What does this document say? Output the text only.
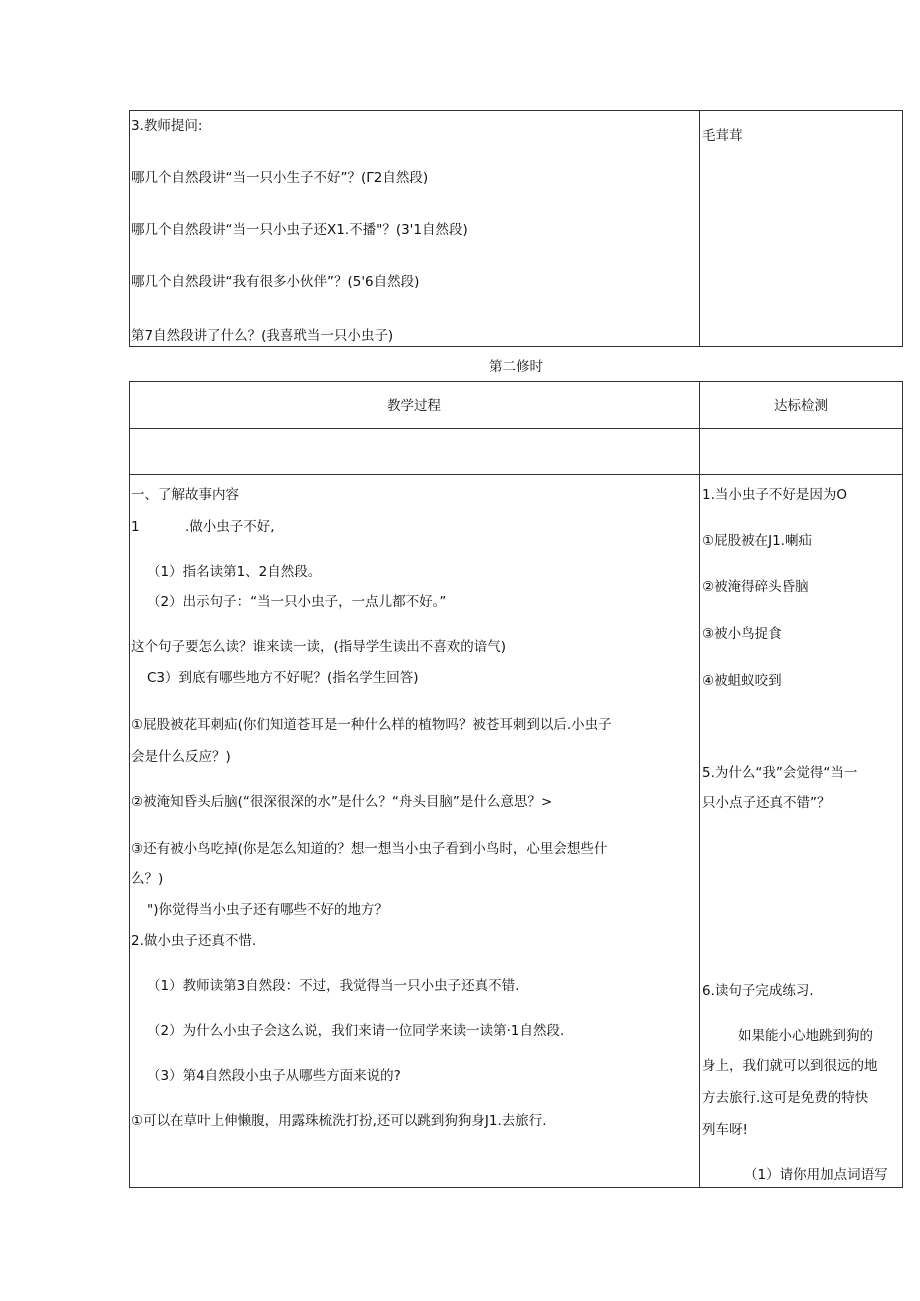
3.教师提问:
哪几个自然段讲“当一只小生子不好”？(Γ2自然段)
哪几个自然段讲“当一只小虫子还X1.不播"？(3'1自然段)
哪几个自然段讲“我有很多小伙伴”？(5'6自然段)
第7自然段讲了什么？(我喜玳当一只小虫子)
毛茸茸
第二修时
教学过程	达标检测
一、了解故事内容
1	.做小虫子不好,
（1）指名读第1、2自然段。
（2）出示句子：“当一只小虫子，一点儿都不好。”
这个句子要怎么读？谁来读一读，(指导学生读出不喜欢的谙气)
C3）到底有哪些地方不好呢？(指名学生回答)
①屁股被花耳刺疝(你们知道苍耳是一种什么样的植物吗？被苍耳刺到以后.小虫子
会是什么反应？)
②被淹知昏头后脑(“很深很深的水”是什么？“舟头目脑”是什么意思？>
③还有被小鸟吃掉(你是怎么知道的？想一想当小虫子看到小鸟时，心里会想些什
么？)
")你觉得当小虫子还有哪些不好的地方？
2.做小虫子还真不惜.
（1）教师读第3自然段：不过，我觉得当一只小虫子还真不错.
（2）为什么小虫子会这么说，我们来请一位同学来读一读第·1自然段.
（3）第4自然段小虫子从哪些方面来说的?
①可以在草叶上伸懒腹，用露珠梳洗打扮,还可以跳到狗狗身J1.去旅行.
1.当小虫子不好是因为O
①屁股被在J1.喇疝
②被淹得碎头昏脑
③被小鸟捉食
④被蛆蚁咬到
5.为什么“我”会觉得“当一
只小点子还真不错”？
6.读句子完成练习.
如果能小心地跳到狗的
身上，我们就可以到很远的地
方去旅行.这可是免费的特快
列车呀!
（1）请你用加点词语写
